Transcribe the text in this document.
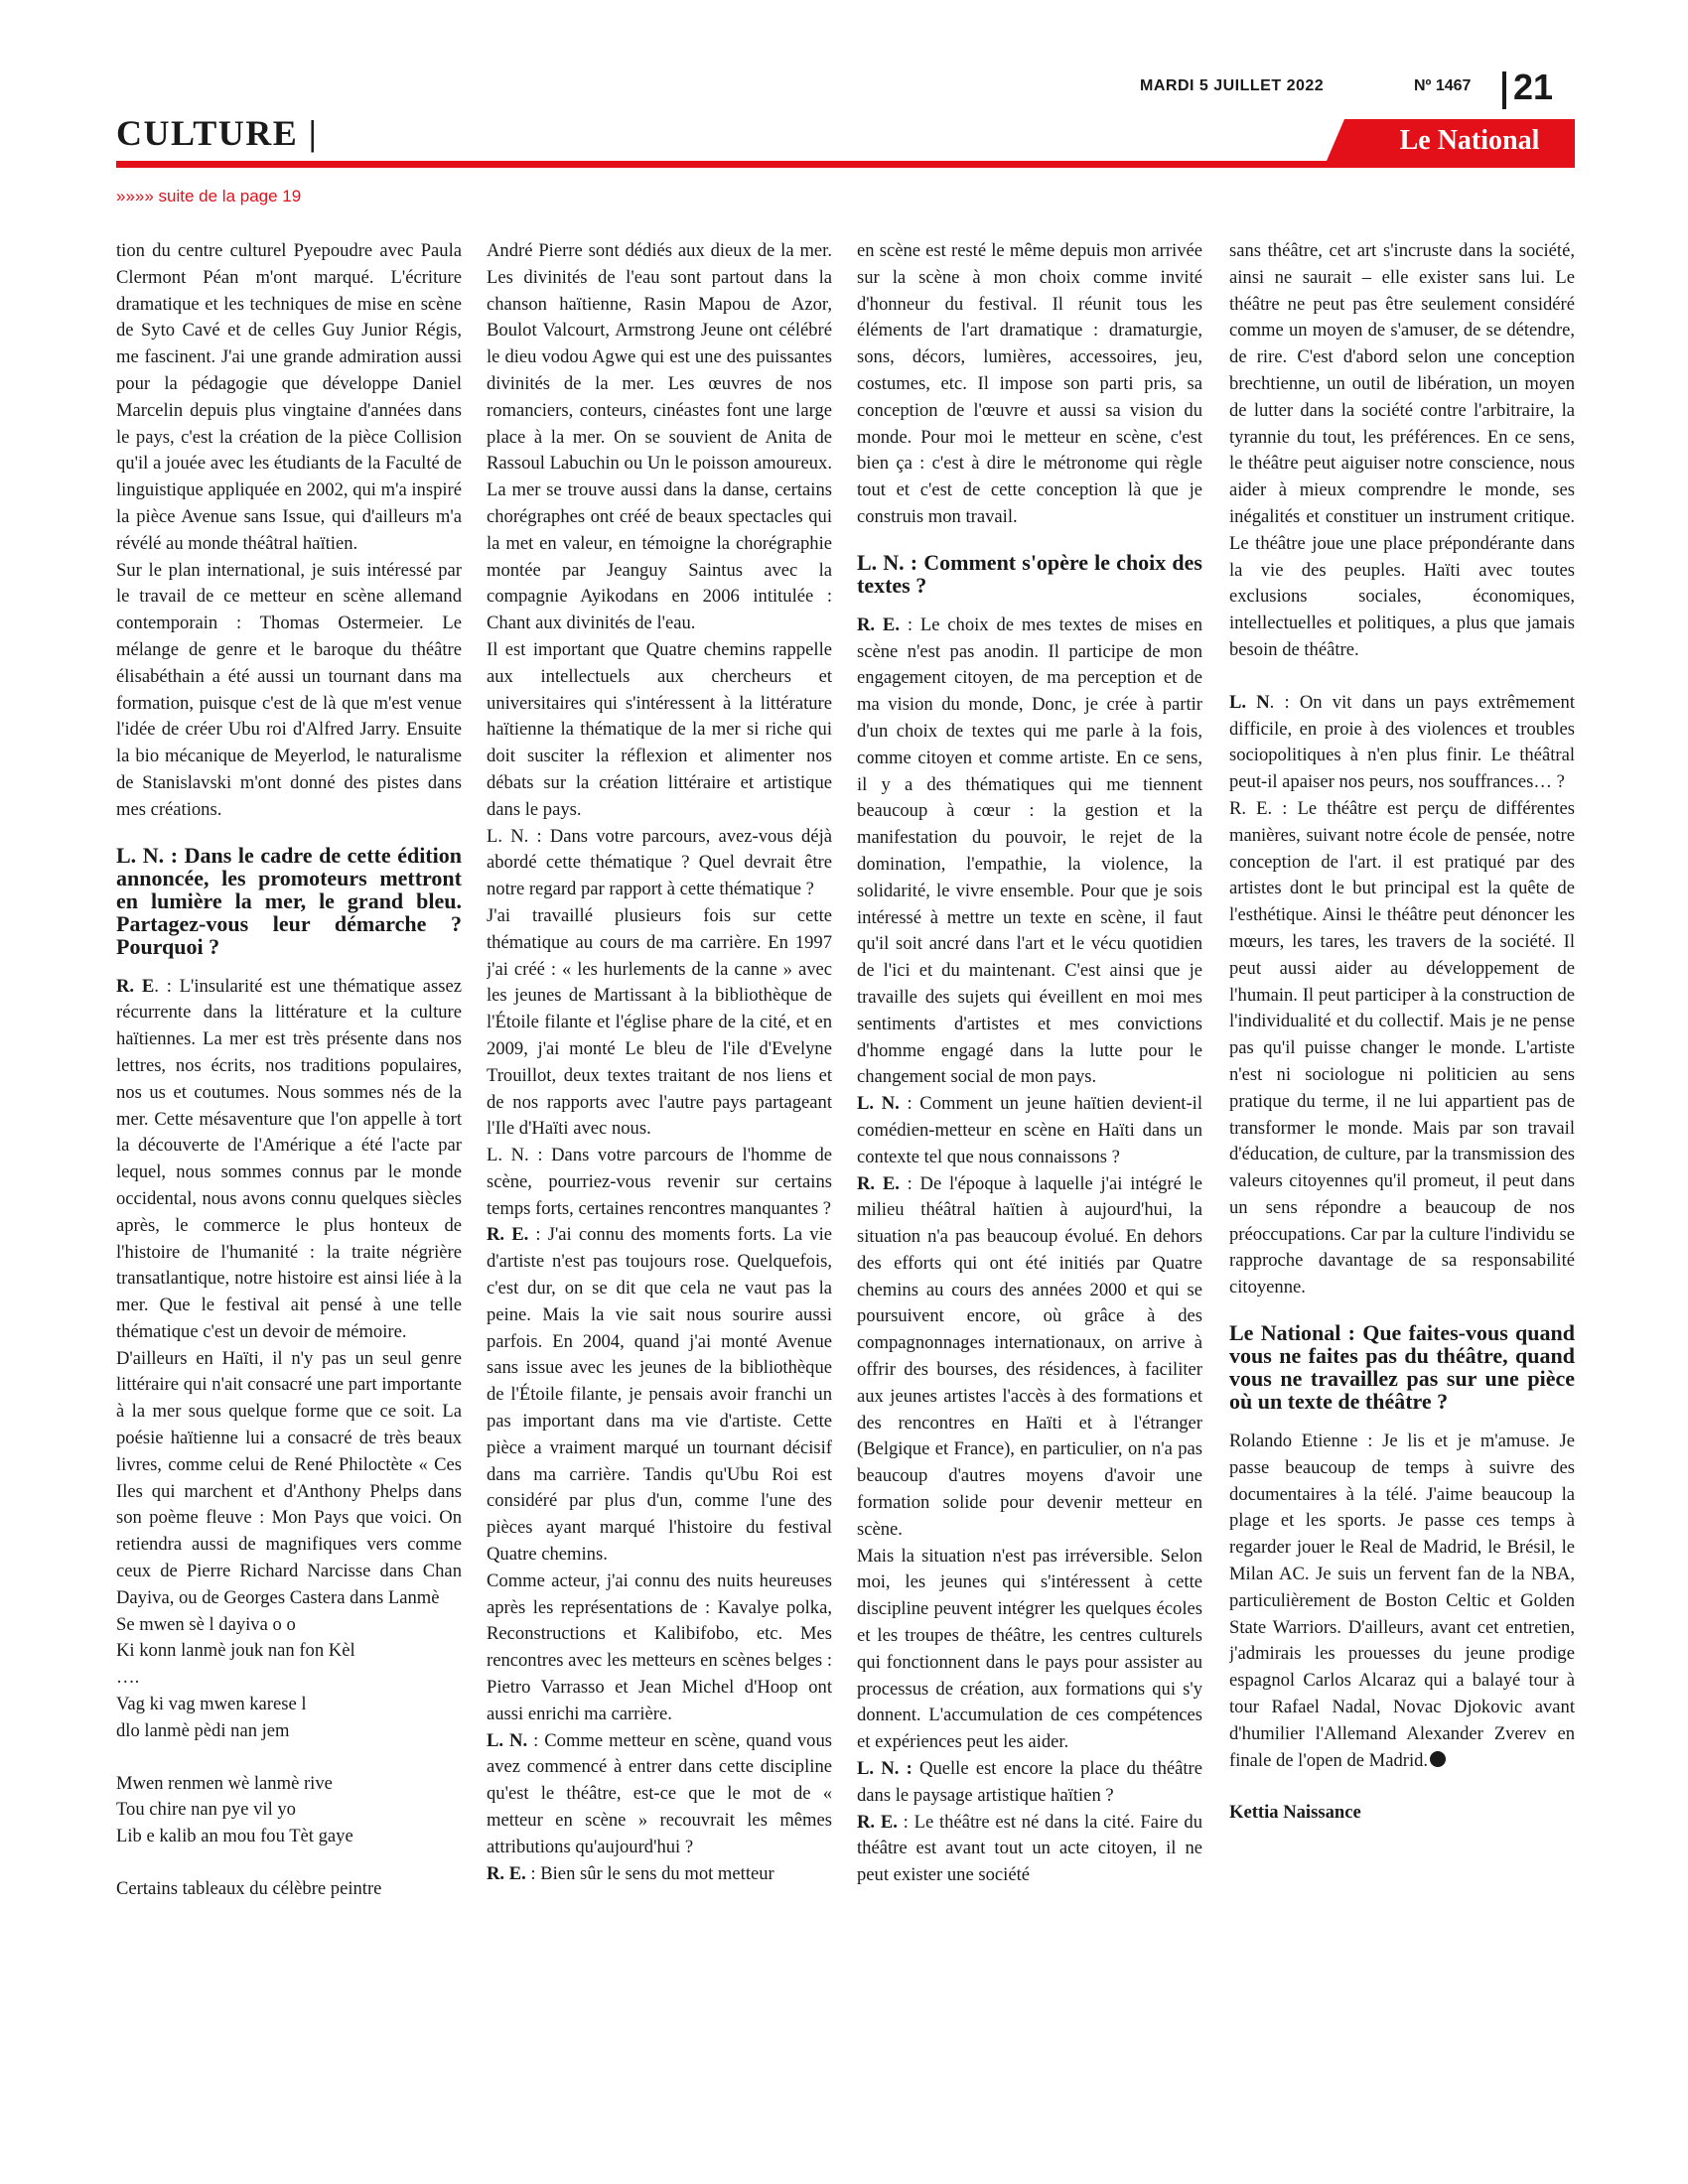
MARDI 5 JUILLET 2022	Nº 1467 21
CULTURE |	Le National
»»»» suite de la page 19

tion du centre culturel Pyepoudre avec Paula Clermont Péan m'ont marqué. L'écriture dramatique et les techniques de mise en scène de Syto Cavé et de celles Guy Junior Régis, me fascinent. J'ai une grande admiration aussi pour la pédagogie que développe Daniel Marcelin depuis plus vingtaine d'années dans le pays, c'est la création de la pièce Collision qu'il a jouée avec les étudiants de la Faculté de linguistique appliquée en 2002, qui m'a inspiré la pièce Avenue sans Issue, qui d'ailleurs m'a révélé au monde théâtral haïtien.

Sur le plan international, je suis intéressé par le travail de ce metteur en scène allemand contemporain : Thomas Ostermeier. Le mélange de genre et le baroque du théâtre élisabéthain a été aussi un tournant dans ma formation, puisque c'est de là que m'est venue l'idée de créer Ubu roi d'Alfred Jarry. Ensuite la bio mécanique de Meyerlod, le naturalisme de Stanislavski m'ont donné des pistes dans mes créations.

L. N. : Dans le cadre de cette édition annoncée, les promoteurs mettront en lumière la mer, le grand bleu. Partagez-vous leur démarche ? Pourquoi ?

R. E. : L'insularité est une thématique assez récurrente dans la littérature et la culture haïtiennes. La mer est très présente dans nos lettres, nos écrits, nos traditions populaires, nos us et coutumes. Nous sommes nés de la mer. Cette mésaventure que l'on appelle à tort la découverte de l'Amérique a été l'acte par lequel, nous sommes connus par le monde occidental, nous avons connu quelques siècles après, le commerce le plus honteux de l'histoire de l'humanité : la traite négrière transatlantique, notre histoire est ainsi liée à la mer. Que le festival ait pensé à une telle thématique c'est un devoir de mémoire.

D'ailleurs en Haïti, il n'y pas un seul genre littéraire qui n'ait consacré une part importante à la mer sous quelque forme que ce soit. La poésie haïtienne lui a consacré de très beaux livres, comme celui de René Philoctète « Ces Iles qui marchent et d'Anthony Phelps dans son poème fleuve : Mon Pays que voici. On retiendra aussi de magnifiques vers comme ceux de Pierre Richard Narcisse dans Chan Dayiva, ou de Georges Castera dans Lanmè

Se mwen sè l dayiva o o

Ki konn lanmè jouk nan fon Kèl

….

Vag ki vag mwen karese l

dlo lanmè pèdi nan jem

Mwen renmen wè lanmè rive

Tou chire nan pye vil yo

Lib e kalib an mou fou Tèt gaye

Certains tableaux du célèbre peintre

André Pierre sont dédiés aux dieux de la mer. Les divinités de l'eau sont partout dans la chanson haïtienne, Rasin Mapou de Azor, Boulot Valcourt, Armstrong Jeune ont célébré le dieu vodou Agwe qui est une des puissantes divinités de la mer. Les œuvres de nos romanciers, conteurs, cinéastes font une large place à la mer. On se souvient de Anita de Rassoul Labuchin ou Un le poisson amoureux. La mer se trouve aussi dans la danse, certains chorégraphes ont créé de beaux spectacles qui la met en valeur, en témoigne la chorégraphie montée par Jeanguy Saintus avec la compagnie Ayikodans en 2006 intitulée : Chant aux divinités de l'eau.

Il est important que Quatre chemins rappelle aux intellectuels aux chercheurs et universitaires qui s'intéressent à la littérature haïtienne la thématique de la mer si riche qui doit susciter la réflexion et alimenter nos débats sur la création littéraire et artistique dans le pays.

L. N. : Dans votre parcours, avez-vous déjà abordé cette thématique ? Quel devrait être notre regard par rapport à cette thématique ?

J'ai travaillé plusieurs fois sur cette thématique au cours de ma carrière. En 1997 j'ai créé : « les hurlements de la canne » avec les jeunes de Martissant à la bibliothèque de l'Étoile filante et l'église phare de la cité, et en 2009, j'ai monté Le bleu de l'ile d'Evelyne Trouillot, deux textes traitant de nos liens et de nos rapports avec l'autre pays partageant l'Ile d'Haïti avec nous.

L. N. : Dans votre parcours de l'homme de scène, pourriez-vous revenir sur certains temps forts, certaines rencontres manquantes ?

R. E. : J'ai connu des moments forts. La vie d'artiste n'est pas toujours rose. Quelquefois, c'est dur, on se dit que cela ne vaut pas la peine. Mais la vie sait nous sourire aussi parfois. En 2004, quand j'ai monté Avenue sans issue avec les jeunes de la bibliothèque de l'Étoile filante, je pensais avoir franchi un pas important dans ma vie d'artiste. Cette pièce a vraiment marqué un tournant décisif dans ma carrière. Tandis qu'Ubu Roi est considéré par plus d'un, comme l'une des pièces ayant marqué l'histoire du festival Quatre chemins.

Comme acteur, j'ai connu des nuits heureuses après les représentations de : Kavalye polka, Reconstructions et Kalibifobo, etc. Mes rencontres avec les metteurs en scènes belges : Pietro Varrasso et Jean Michel d'Hoop ont aussi enrichi ma carrière.

L. N. : Comme metteur en scène, quand vous avez commencé à entrer dans cette discipline qu'est le théâtre, est-ce que le mot de « metteur en scène » recouvrait les mêmes attributions qu'aujourd'hui ?

R. E. : Bien sûr le sens du mot metteur

en scène est resté le même depuis mon arrivée sur la scène à mon choix comme invité d'honneur du festival. Il réunit tous les éléments de l'art dramatique : dramaturgie, sons, décors, lumières, accessoires, jeu, costumes, etc. Il impose son parti pris, sa conception de l'œuvre et aussi sa vision du monde. Pour moi le metteur en scène, c'est bien ça : c'est à dire le métronome qui règle tout et c'est de cette conception là que je construis mon travail.

L. N. : Comment s'opère le choix des textes ?

R. E. : Le choix de mes textes de mises en scène n'est pas anodin. Il participe de mon engagement citoyen, de ma perception et de ma vision du monde, Donc, je crée à partir d'un choix de textes qui me parle à la fois, comme citoyen et comme artiste. En ce sens, il y a des thématiques qui me tiennent beaucoup à cœur : la gestion et la manifestation du pouvoir, le rejet de la domination, l'empathie, la violence, la solidarité, le vivre ensemble. Pour que je sois intéressé à mettre un texte en scène, il faut qu'il soit ancré dans l'art et le vécu quotidien de l'ici et du maintenant. C'est ainsi que je travaille des sujets qui éveillent en moi mes sentiments d'artistes et mes convictions d'homme engagé dans la lutte pour le changement social de mon pays.

L. N. : Comment un jeune haïtien devient-il comédien-metteur en scène en Haïti dans un contexte tel que nous connaissons ?

R. E. : De l'époque à laquelle j'ai intégré le milieu théâtral haïtien à aujourd'hui, la situation n'a pas beaucoup évolué. En dehors des efforts qui ont été initiés par Quatre chemins au cours des années 2000 et qui se poursuivent encore, où grâce à des compagnonnages internationaux, on arrive à offrir des bourses, des résidences, à faciliter aux jeunes artistes l'accès à des formations et des rencontres en Haïti et à l'étranger (Belgique et France), en particulier, on n'a pas beaucoup d'autres moyens d'avoir une formation solide pour devenir metteur en scène.

Mais la situation n'est pas irréversible. Selon moi, les jeunes qui s'intéressent à cette discipline peuvent intégrer les quelques écoles et les troupes de théâtre, les centres culturels qui fonctionnent dans le pays pour assister au processus de création, aux formations qui s'y donnent. L'accumulation de ces compétences et expériences peut les aider.

L. N. : Quelle est encore la place du théâtre dans le paysage artistique haïtien ?

R. E. : Le théâtre est né dans la cité. Faire du théâtre est avant tout un acte citoyen, il ne peut exister une société

sans théâtre, cet art s'incruste dans la société, ainsi ne saurait – elle exister sans lui. Le théâtre ne peut pas être seulement considéré comme un moyen de s'amuser, de se détendre, de rire. C'est d'abord selon une conception brechtienne, un outil de libération, un moyen de lutter dans la société contre l'arbitraire, la tyrannie du tout, les préférences. En ce sens, le théâtre peut aiguiser notre conscience, nous aider à mieux comprendre le monde, ses inégalités et constituer un instrument critique. Le théâtre joue une place prépondérante dans la vie des peuples. Haïti avec toutes exclusions sociales, économiques, intellectuelles et politiques, a plus que jamais besoin de théâtre.

L. N. : On vit dans un pays extrêmement difficile, en proie à des violences et troubles sociopolitiques à n'en plus finir. Le théâtral peut-il apaiser nos peurs, nos souffrances… ?

R. E. : Le théâtre est perçu de différentes manières, suivant notre école de pensée, notre conception de l'art. il est pratiqué par des artistes dont le but principal est la quête de l'esthétique. Ainsi le théâtre peut dénoncer les mœurs, les tares, les travers de la société. Il peut aussi aider au développement de l'humain. Il peut participer à la construction de l'individualité et du collectif. Mais je ne pense pas qu'il puisse changer le monde. L'artiste n'est ni sociologue ni politicien au sens pratique du terme, il ne lui appartient pas de transformer le monde. Mais par son travail d'éducation, de culture, par la transmission des valeurs citoyennes qu'il promeut, il peut dans un sens répondre a beaucoup de nos préoccupations. Car par la culture l'individu se rapproche davantage de sa responsabilité citoyenne.

Le National : Que faites-vous quand vous ne faites pas du théâtre, quand vous ne travaillez pas sur une pièce où un texte de théâtre ?

Rolando Etienne : Je lis et je m'amuse. Je passe beaucoup de temps à suivre des documentaires à la télé. J'aime beaucoup la plage et les sports. Je passe ces temps à regarder jouer le Real de Madrid, le Brésil, le Milan AC. Je suis un fervent fan de la NBA, particulièrement de Boston Celtic et Golden State Warriors. D'ailleurs, avant cet entretien, j'admirais les prouesses du jeune prodige espagnol Carlos Alcaraz qui a balayé tour à tour Rafael Nadal, Novac Djokovic avant d'humilier l'Allemand Alexander Zverev en finale de l'open de Madrid.

Kettia Naissance
